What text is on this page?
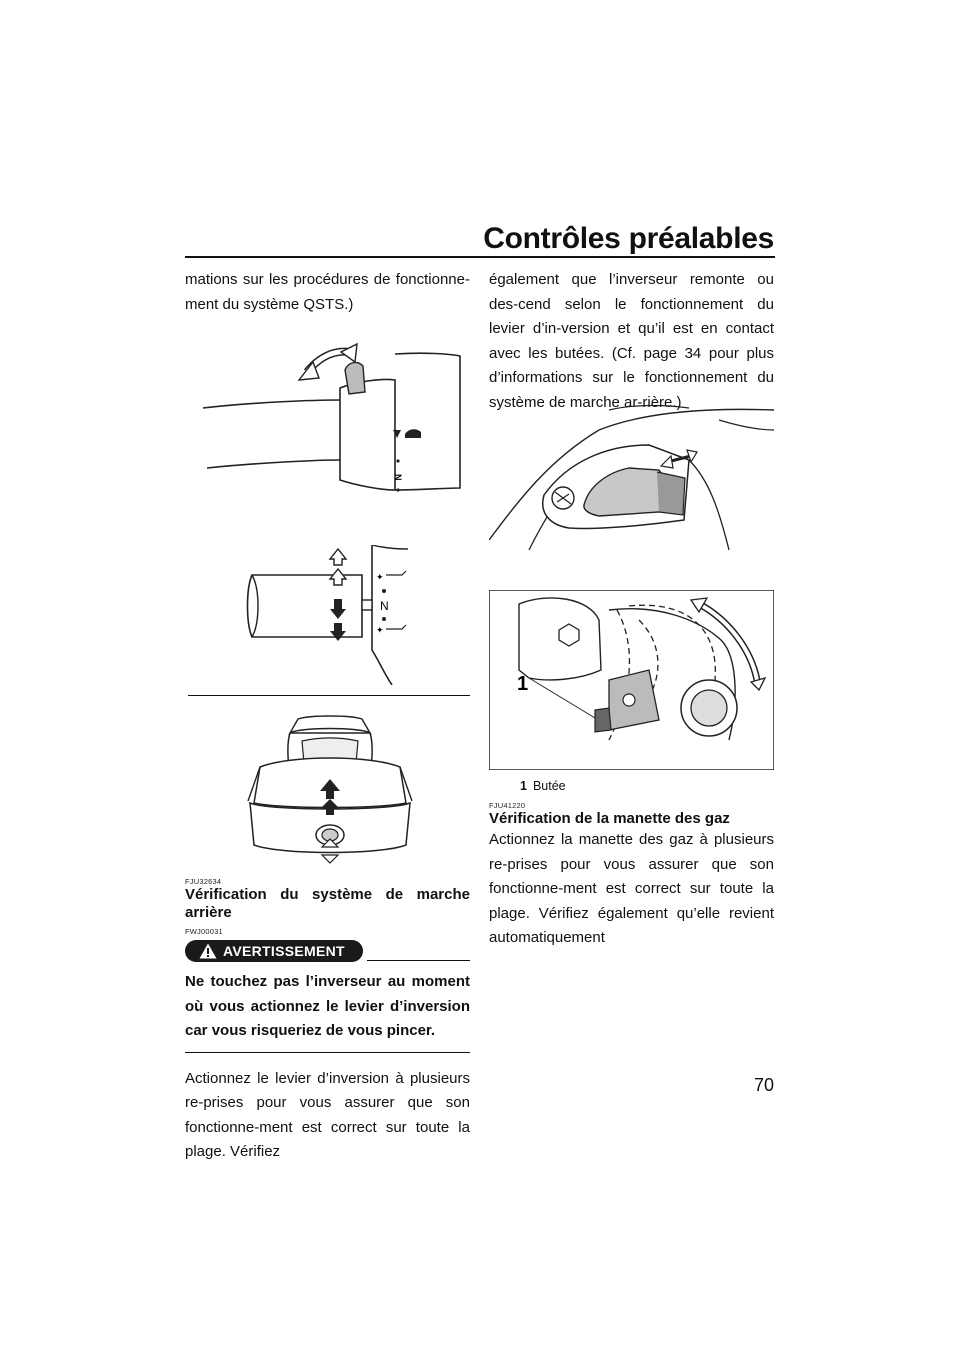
Contrôles préalables

mations sur les procédures de fonctionne-ment du système QSTS.)

N
✦
N
✦
FJU32634
Vérification du système de marche arrière
FWJ00031
AVERTISSEMENT

Ne touchez pas l’inverseur au moment où vous actionnez le levier d’inversion car vous risqueriez de vous pincer.

Actionnez le levier d’inversion à plusieurs re-prises pour vous assurer que son fonctionne-ment est correct sur toute la plage. Vérifiez

également que l’inverseur remonte ou des-cend selon le fonctionnement du levier d’in-version et qu’il est en contact avec les butées. (Cf. page 34 pour plus d’informations sur le fonctionnement du système de marche ar-rière.)

1
1 Butée
FJU41220
Vérification de la manette des gaz

Actionnez la manette des gaz à plusieurs re-prises pour vous assurer que son fonctionne-ment est correct sur toute la plage. Vérifiez également qu’elle revient automatiquement

70
